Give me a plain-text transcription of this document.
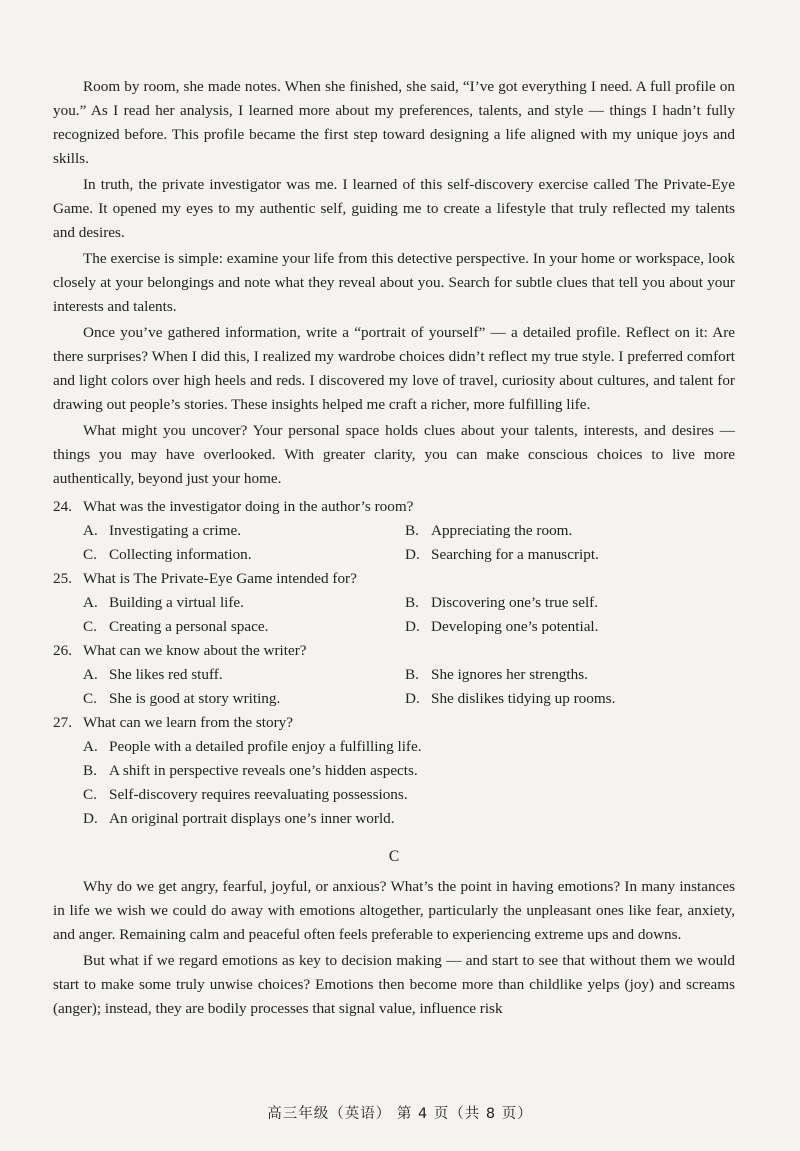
Room by room, she made notes. When she finished, she said, “I’ve got everything I need. A full profile on you.” As I read her analysis, I learned more about my preferences, talents, and style — things I hadn’t fully recognized before. This profile became the first step toward designing a life aligned with my unique joys and skills.

In truth, the private investigator was me. I learned of this self-discovery exercise called The Private-Eye Game. It opened my eyes to my authentic self, guiding me to create a lifestyle that truly reflected my talents and desires.

The exercise is simple: examine your life from this detective perspective. In your home or workspace, look closely at your belongings and note what they reveal about you. Search for subtle clues that tell you about your interests and talents.

Once you’ve gathered information, write a “portrait of yourself” — a detailed profile. Reflect on it: Are there surprises? When I did this, I realized my wardrobe choices didn’t reflect my true style. I preferred comfort and light colors over high heels and reds. I discovered my love of travel, curiosity about cultures, and talent for drawing out people’s stories. These insights helped me craft a richer, more fulfilling life.

What might you uncover? Your personal space holds clues about your talents, interests, and desires — things you may have overlooked. With greater clarity, you can make conscious choices to live more authentically, beyond just your home.

24. What was the investigator doing in the author’s room?
A. Investigating a crime.	B. Appreciating the room.
C. Collecting information.	D. Searching for a manuscript.
25. What is The Private-Eye Game intended for?
A. Building a virtual life.	B. Discovering one’s true self.
C. Creating a personal space.	D. Developing one’s potential.
26. What can we know about the writer?
A. She likes red stuff.	B. She ignores her strengths.
C. She is good at story writing.	D. She dislikes tidying up rooms.
27. What can we learn from the story?
A. People with a detailed profile enjoy a fulfilling life.
B. A shift in perspective reveals one’s hidden aspects.
C. Self-discovery requires reevaluating possessions.
D. An original portrait displays one’s inner world.
C

Why do we get angry, fearful, joyful, or anxious? What’s the point in having emotions? In many instances in life we wish we could do away with emotions altogether, particularly the unpleasant ones like fear, anxiety, and anger. Remaining calm and peaceful often feels preferable to experiencing extreme ups and downs.

But what if we regard emotions as key to decision making — and start to see that without them we would start to make some truly unwise choices? Emotions then become more than childlike yelps (joy) and screams (anger); instead, they are bodily processes that signal value, influence risk

高三年级（英语） 第 4 页（共 8 页）
